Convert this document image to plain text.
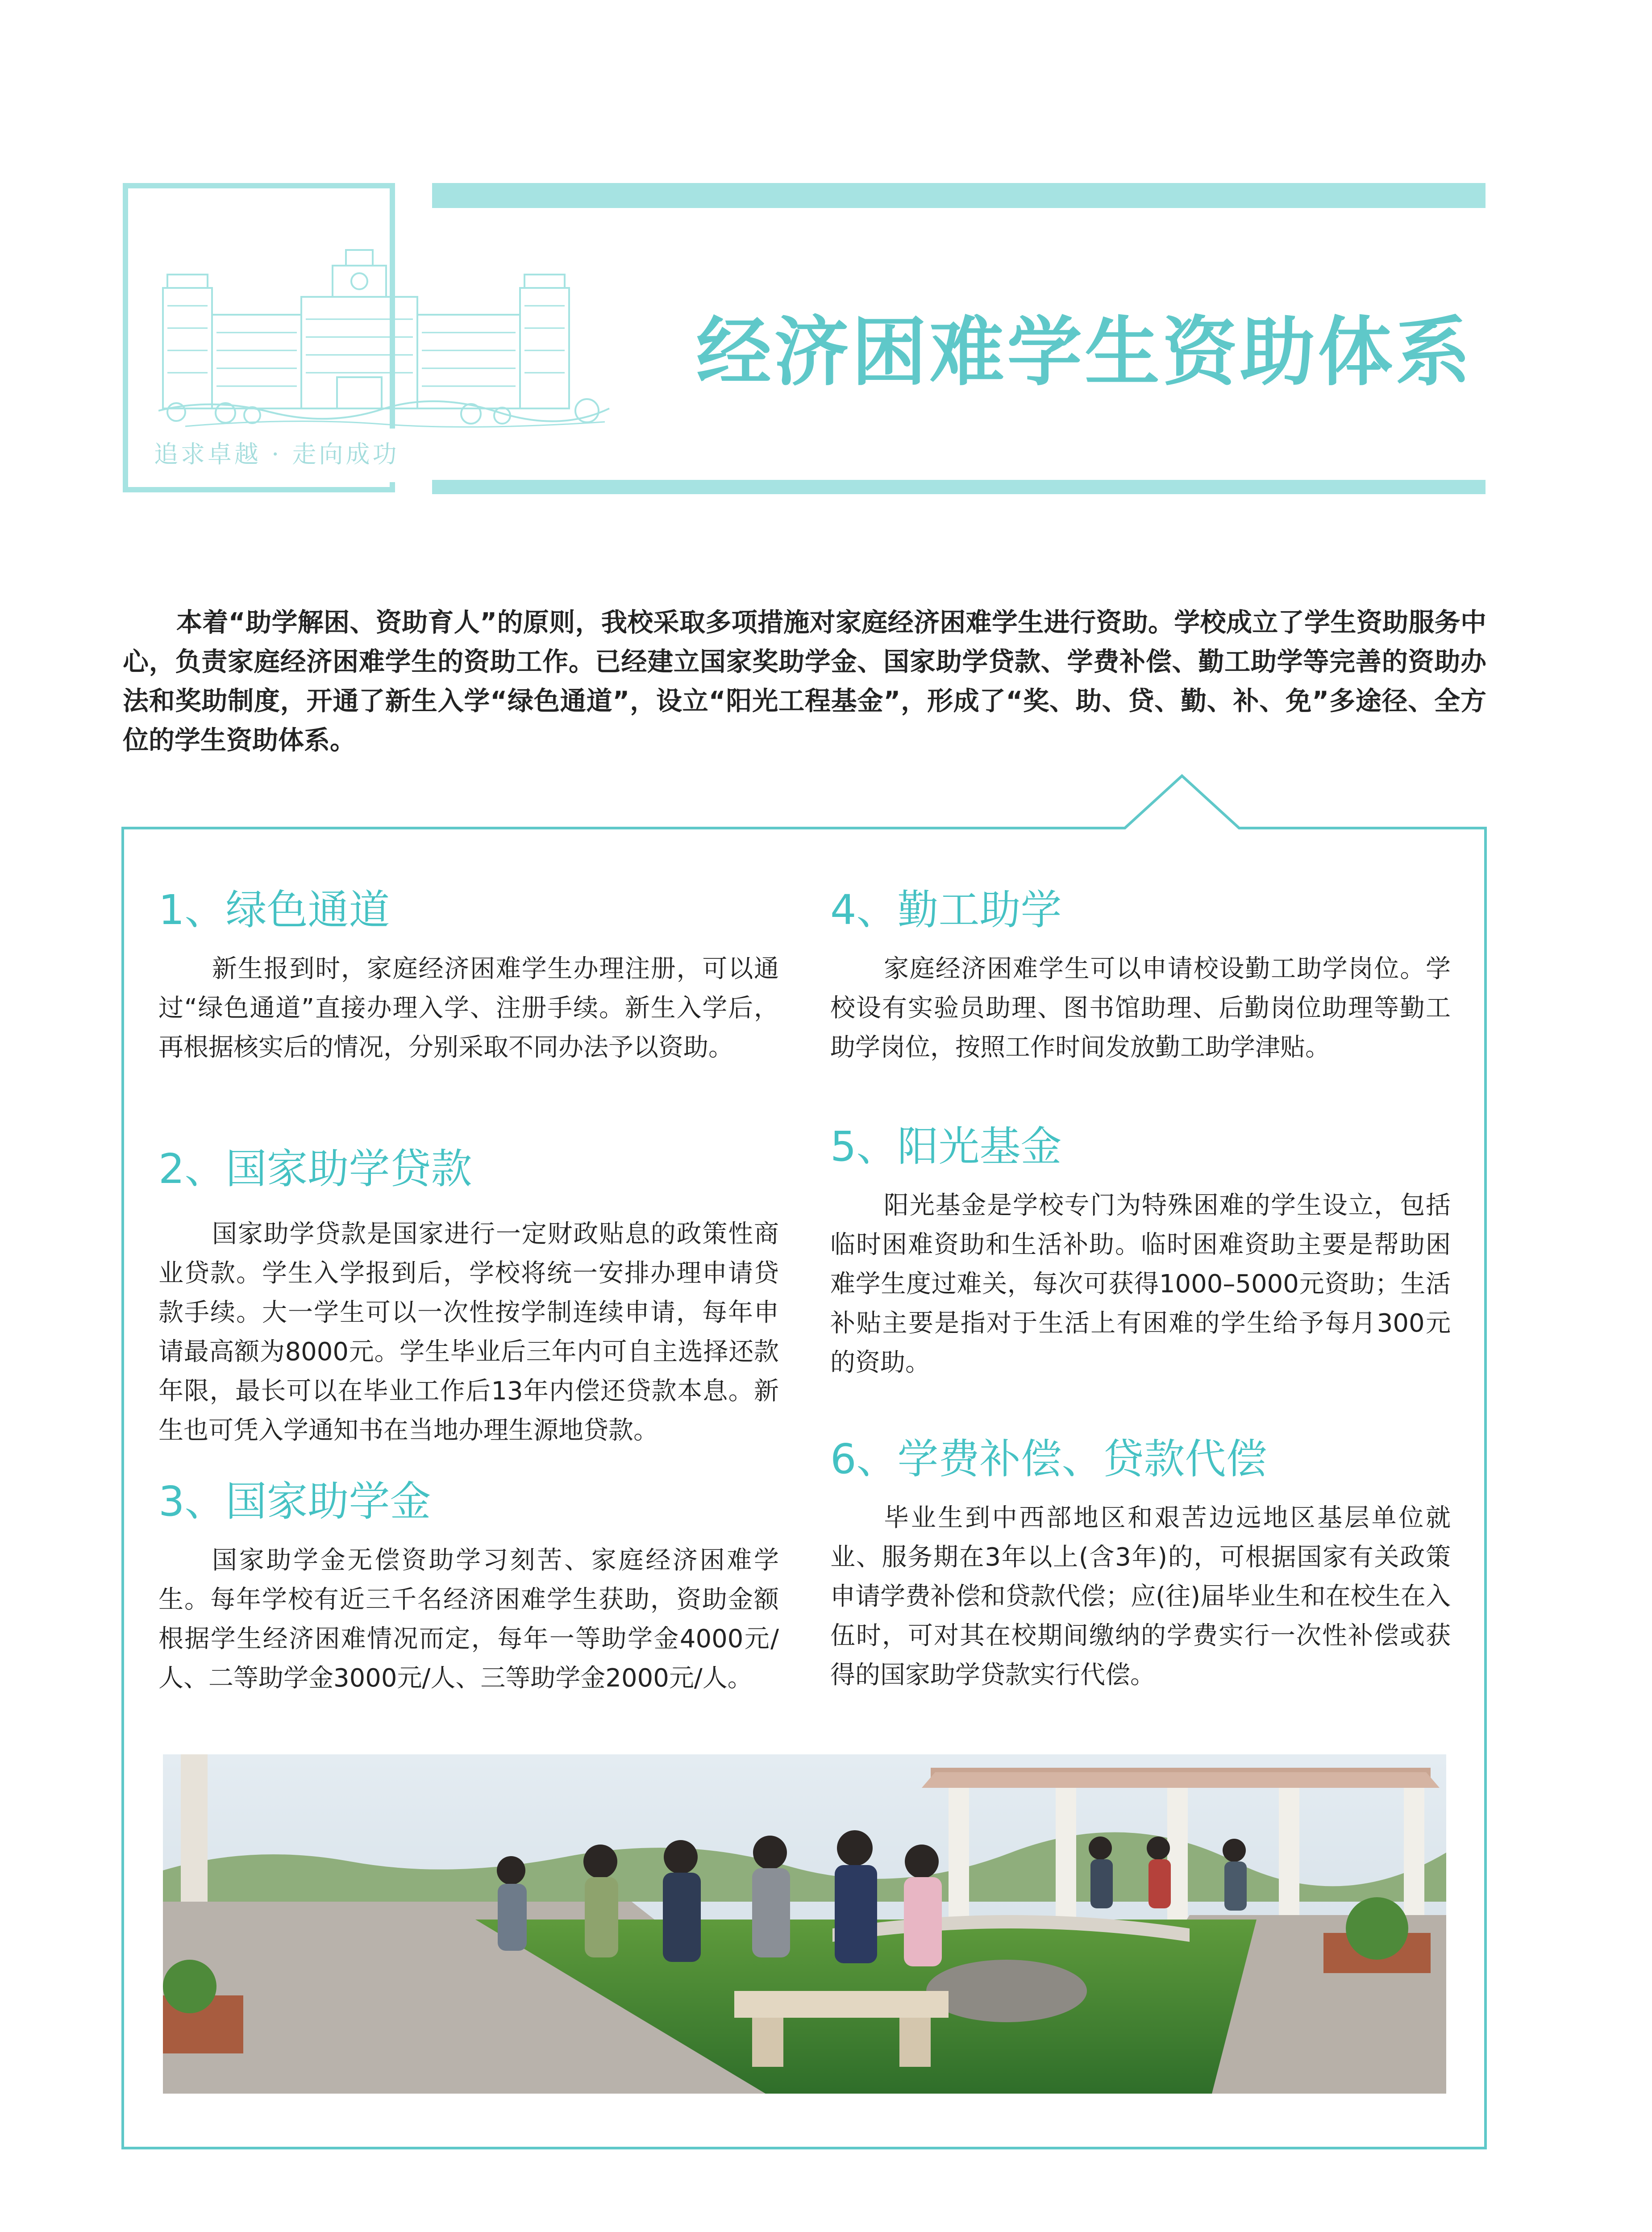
追求卓越 · 走向成功
经济困难学生资助体系

本着“助学解困、资助育人”的原则，我校采取多项措施对家庭经济困难学生进行资助。学校成立了学生资助服务中心，负责家庭经济困难学生的资助工作。已经建立国家奖助学金、国家助学贷款、学费补偿、勤工助学等完善的资助办法和奖助制度，开通了新生入学“绿色通道”，设立“阳光工程基金”，形成了“奖、助、贷、勤、补、免”多途径、全方位的学生资助体系。

1、绿色通道

新生报到时，家庭经济困难学生办理注册，可以通过“绿色通道”直接办理入学、注册手续。新生入学后，再根据核实后的情况，分别采取不同办法予以资助。

2、国家助学贷款

国家助学贷款是国家进行一定财政贴息的政策性商业贷款。学生入学报到后，学校将统一安排办理申请贷款手续。大一学生可以一次性按学制连续申请，每年申请最高额为8000元。学生毕业后三年内可自主选择还款年限，最长可以在毕业工作后13年内偿还贷款本息。新生也可凭入学通知书在当地办理生源地贷款。

3、国家助学金

国家助学金无偿资助学习刻苦、家庭经济困难学生。每年学校有近三千名经济困难学生获助，资助金额根据学生经济困难情况而定，每年一等助学金4000元/人、二等助学金3000元/人、三等助学金2000元/人。

4、勤工助学

家庭经济困难学生可以申请校设勤工助学岗位。学校设有实验员助理、图书馆助理、后勤岗位助理等勤工助学岗位，按照工作时间发放勤工助学津贴。

5、阳光基金

阳光基金是学校专门为特殊困难的学生设立，包括临时困难资助和生活补助。临时困难资助主要是帮助困难学生度过难关，每次可获得1000–5000元资助；生活补贴主要是指对于生活上有困难的学生给予每月300元的资助。

6、学费补偿、贷款代偿

毕业生到中西部地区和艰苦边远地区基层单位就业、服务期在3年以上(含3年)的，可根据国家有关政策申请学费补偿和贷款代偿；应(往)届毕业生和在校生在入伍时，可对其在校期间缴纳的学费实行一次性补偿或获得的国家助学贷款实行代偿。
